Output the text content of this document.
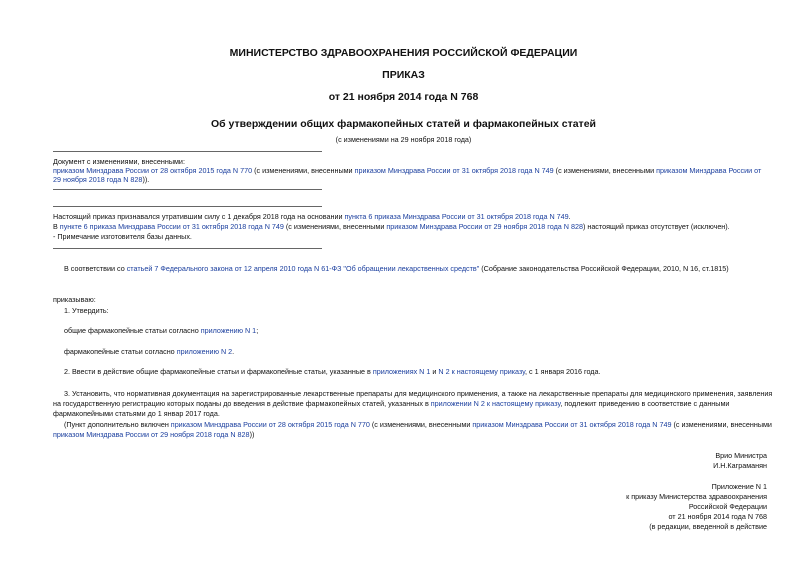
МИНИСТЕРСТВО ЗДРАВООХРАНЕНИЯ РОССИЙСКОЙ ФЕДЕРАЦИИ
ПРИКАЗ
от 21 ноября 2014 года N 768
Об утверждении общих фармакопейных статей и фармакопейных статей
(с изменениями на 29 ноября 2018 года)
Документ с изменениями, внесенными:
приказом Минздрава России от 28 октября 2015 года N 770 (с изменениями, внесенными приказом Минздрава России от 31 октября 2018 года N 749 (с изменениями, внесенными приказом Минздрава России от
29 ноября 2018 года N 828)).
Настоящий приказ признавался утратившим силу с 1 декабря 2018 года на основании пункта 6 приказа Минздрава России от 31 октября 2018 года N 749.
В пункте 6 приказа Минздрава России от 31 октября 2018 года N 749 (с изменениями, внесенными приказом Минздрава России от 29 ноября 2018 года N 828) настоящий приказ отсутствует (исключен).
- Примечание изготовителя базы данных.
В соответствии со статьей 7 Федерального закона от 12 апреля 2010 года N 61-ФЗ "Об обращении лекарственных средств" (Собрание законодательства Российской Федерации, 2010, N 16, ст.1815)
приказываю:
1. Утвердить:
общие фармакопейные статьи согласно приложению N 1;
фармакопейные статьи согласно приложению N 2.
2. Ввести в действие общие фармакопейные статьи и фармакопейные статьи, указанные в приложениях N 1 и N 2 к настоящему приказу, с 1 января 2016 года.
3. Установить, что нормативная документация на зарегистрированные лекарственные препараты для медицинского применения, а также на лекарственные препараты для медицинского применения, заявления
на государственную регистрацию которых поданы до введения в действие фармакопейных статей, указанных в приложении N 2 к настоящему приказу, подлежит приведению в соответствие с данными
фармакопейными статьями до 1 январ 2017 года.
(Пункт дополнительно включен приказом Минздрава России от 28 октября 2015 года N 770 (с изменениями, внесенными приказом Минздрава России от 31 октября 2018 года N 749 (с изменениями, внесенными
приказом Минздрава России от 29 ноября 2018 года N 828))
Врио Министра
И.Н.Каграманян
Приложение N 1
к приказу Министерства здравоохранения
Российской Федерации
от 21 ноября 2014 года N 768
(в редакции, введенной в действие
